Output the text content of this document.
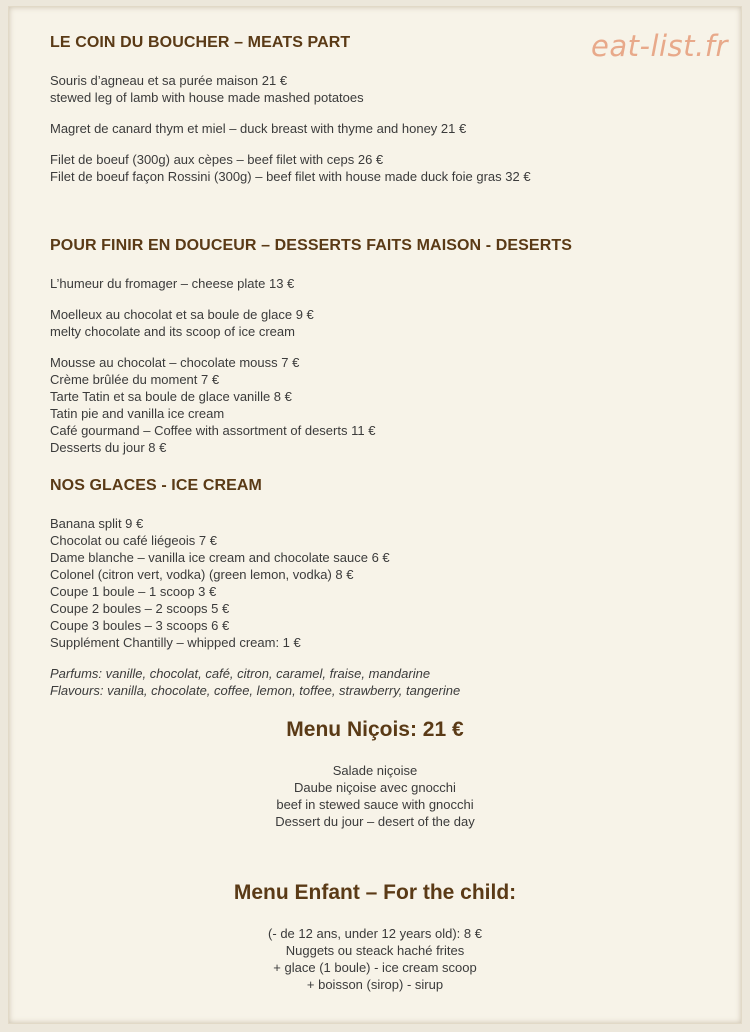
eat-list.fr
LE COIN DU BOUCHER – MEATS PART
Souris d’agneau et sa purée maison 21 €
stewed leg of lamb with house made mashed potatoes
Magret de canard thym et miel – duck breast with thyme and honey 21 €
Filet de boeuf (300g) aux cèpes – beef filet with ceps 26 €
Filet de boeuf façon Rossini (300g) – beef filet with house made duck foie gras 32 €
POUR FINIR EN DOUCEUR – DESSERTS FAITS MAISON - DESERTS
L’humeur du fromager – cheese plate 13 €
Moelleux au chocolat et sa boule de glace 9 €
melty chocolate and its scoop of ice cream
Mousse au chocolat – chocolate mouss 7 €
Crème brûlée du moment 7 €
Tarte Tatin et sa boule de glace vanille 8 €
Tatin pie and vanilla ice cream
Café gourmand – Coffee with assortment of deserts 11 €
Desserts du jour 8 €
NOS GLACES - ICE CREAM
Banana split 9 €
Chocolat ou café liégeois 7 €
Dame blanche – vanilla ice cream and chocolate sauce 6 €
Colonel (citron vert, vodka) (green lemon, vodka) 8 €
Coupe 1 boule – 1 scoop 3 €
Coupe 2 boules – 2 scoops 5 €
Coupe 3 boules – 3 scoops 6 €
Supplément Chantilly – whipped cream: 1 €
Parfums: vanille, chocolat, café, citron, caramel, fraise, mandarine
Flavours: vanilla, chocolate, coffee, lemon, toffee, strawberry, tangerine
Menu Niçois: 21 €
Salade niçoise
Daube niçoise avec gnocchi
beef in stewed sauce with gnocchi
Dessert du jour – desert of the day
Menu Enfant – For the child:
(- de 12 ans, under 12 years old): 8 €
Nuggets ou steack haché frites
+ glace (1 boule) - ice cream scoop
+ boisson (sirop) - sirup
